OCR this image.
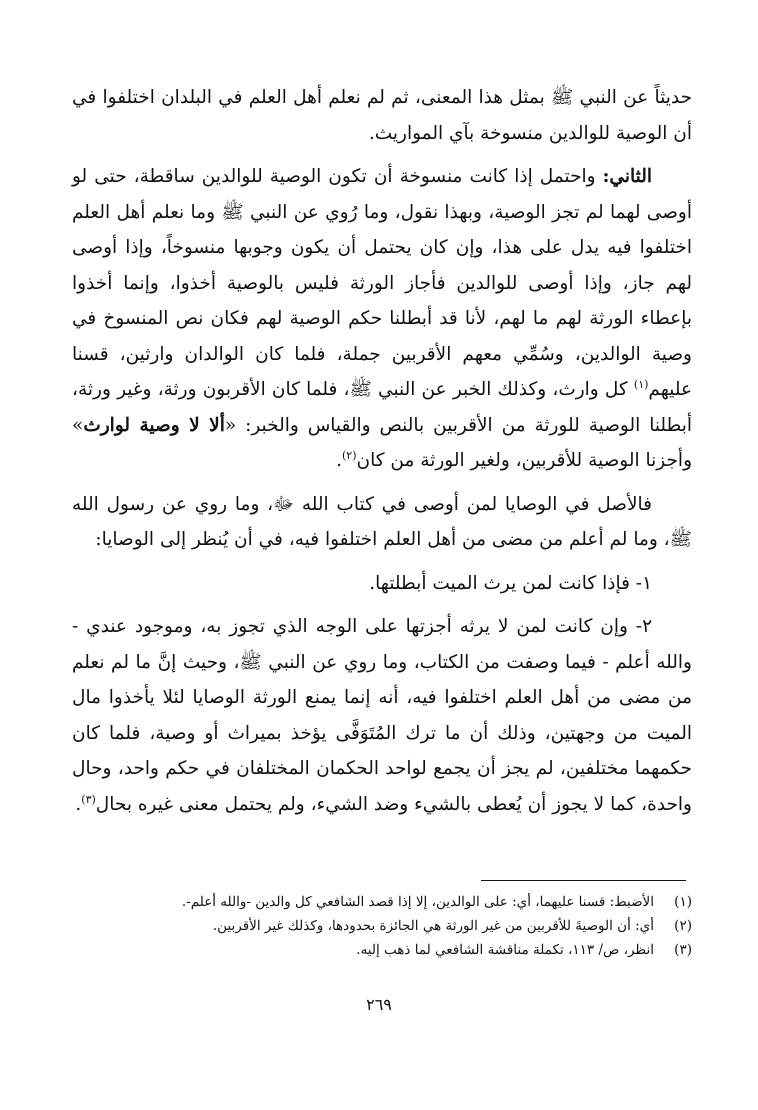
حديثاً عن النبي ﷺ بمثل هذا المعنى، ثم لم نعلم أهل العلم في البلدان اختلفوا في أن الوصية للوالدين منسوخة بآي المواريث.

الثاني: واحتمل إذا كانت منسوخة أن تكون الوصية للوالدين ساقطة، حتى لو أوصى لهما لم تجز الوصية، وبهذا نقول، وما رُوي عن النبي ﷺ وما نعلم أهل العلم اختلفوا فيه يدل على هذا، وإن كان يحتمل أن يكون وجوبها منسوخاً، وإذا أوصى لهم جاز، وإذا أوصى للوالدين فأجاز الورثة فليس بالوصية أخذوا، وإنما أخذوا بإعطاء الورثة لهم ما لهم، لأنا قد أبطلنا حكم الوصية لهم فكان نص المنسوخ في وصية الوالدين، وسُمِّي معهم الأقربين جملة، فلما كان الوالدان وارثين، قسنا عليهم$^{(١)}$ كل وارث، وكذلك الخبر عن النبي ﷺ، فلما كان الأقربون ورثة، وغير ورثة، أبطلنا الوصية للورثة من الأقربين بالنص والقياس والخبر: «ألا لا وصية لوارث» وأجزنا الوصية للأقربين، ولغير الورثة من كان$^{(٢)}$.

فالأصل في الوصايا لمن أوصى في كتاب الله ﷻ، وما روي عن رسول الله ﷺ، وما لم أعلم من مضى من أهل العلم اختلفوا فيه، في أن يُنظر إلى الوصايا:

١- فإذا كانت لمن يرث الميت أبطلتها.

٢- وإن كانت لمن لا يرثه أجزتها على الوجه الذي تجوز به، وموجود عندي - والله أعلم - فيما وصفت من الكتاب، وما روي عن النبي ﷺ، وحيث إنَّ ما لم نعلم من مضى من أهل العلم اختلفوا فيه، أنه إنما يمنع الورثة الوصايا لئلا يأخذوا مال الميت من وجهتين، وذلك أن ما ترك المُتَوَفَّى يؤخذ بميراث أو وصية، فلما كان حكمهما مختلفين، لم يجز أن يجمع لواحد الحكمان المختلفان في حكم واحد، وحال واحدة، كما لا يجوز أن يُعطى بالشيء وضد الشيء، ولم يحتمل معنى غيره بحال$^{(٣)}$.

(١)
الأضبط: قسنا عليهما، أي: على الوالدين، إلا إذا قصد الشافعي كل والدين -والله أعلم-.
(٢)
أي: أن الوصيةَ للأقربين من غير الورثة هي الجائزة بحدودها، وكذلك غير الأقربين.
(٣)
انظر، ص/ ١١٣، تكملة مناقشة الشافعي لما ذهب إليه.
٢٦٩
